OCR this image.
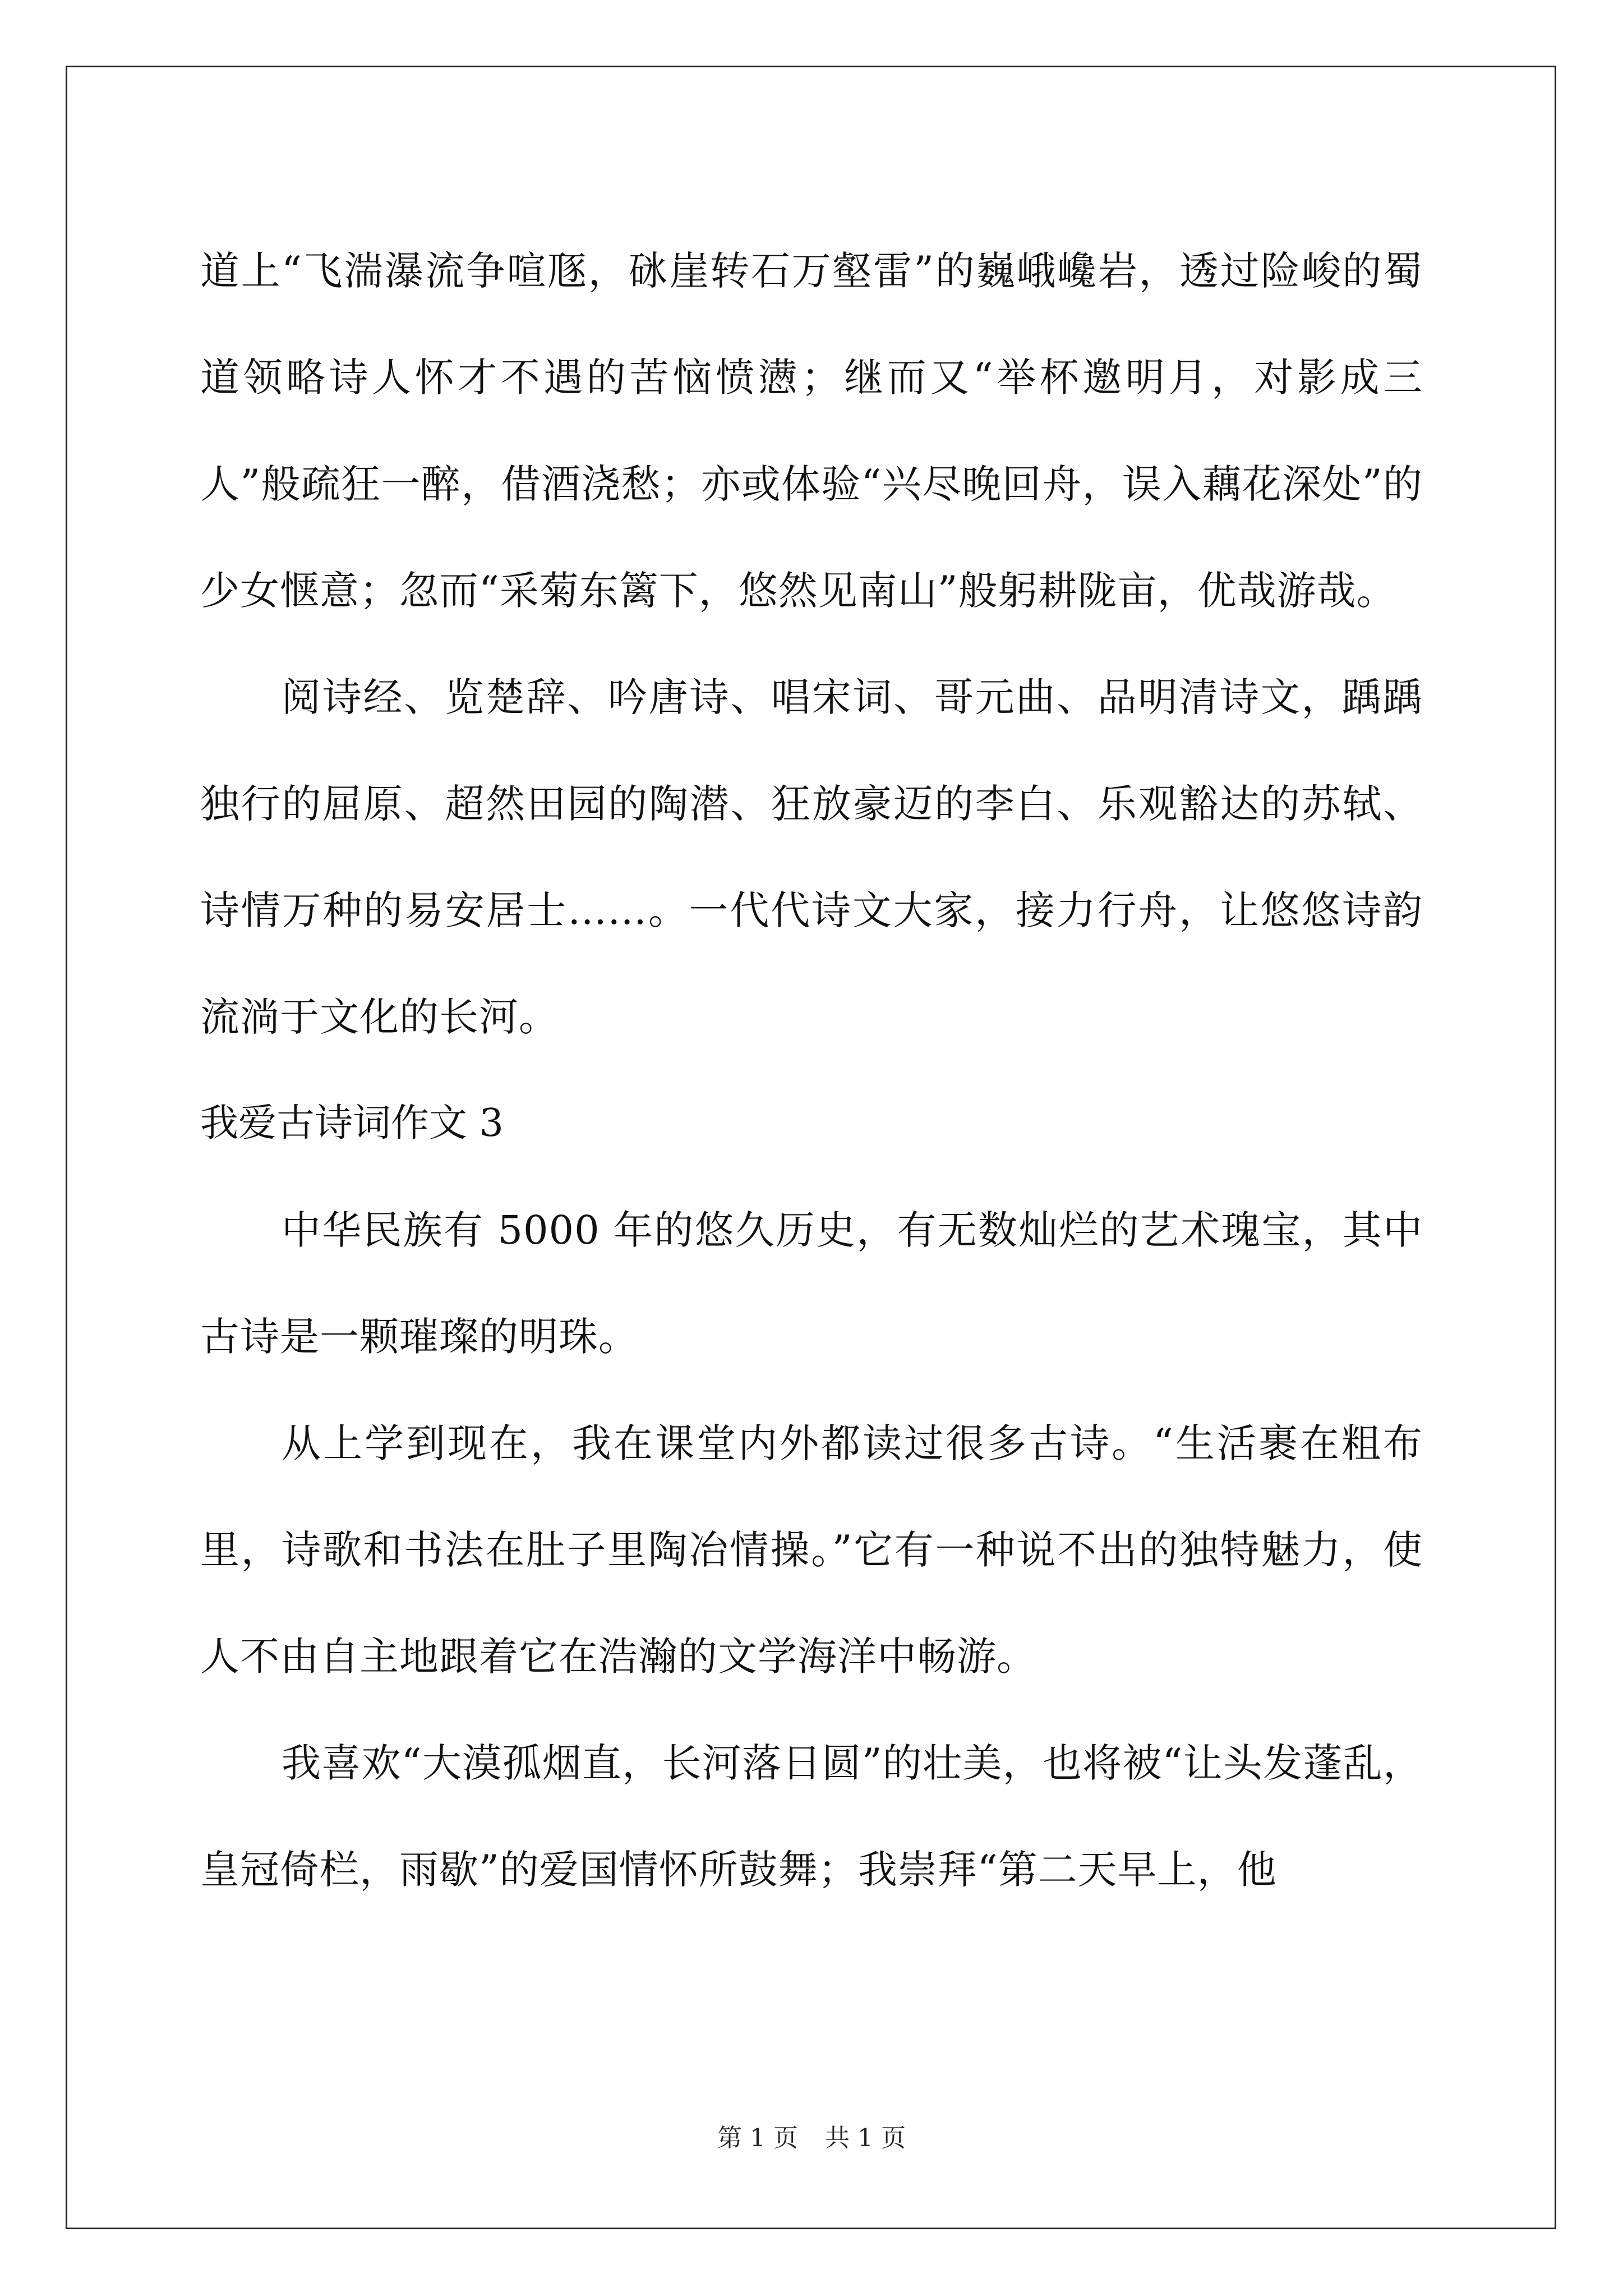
道上“飞湍瀑流争喧豗，砯崖转石万壑雷”的巍峨巉岩，透过险峻的蜀道领略诗人怀才不遇的苦恼愤懑；继而又“举杯邀明月，对影成三人”般疏狂一醉，借酒浇愁；亦或体验“兴尽晚回舟，误入藕花深处”的少女惬意；忽而“采菊东篱下，悠然见南山”般躬耕陇亩，优哉游哉。

阅诗经、览楚辞、吟唐诗、唱宋词、哥元曲、品明清诗文，踽踽独行的屈原、超然田园的陶潜、狂放豪迈的李白、乐观豁达的苏轼、诗情万种的易安居士……。一代代诗文大家，接力行舟，让悠悠诗韵流淌于文化的长河。

我爱古诗词作文 3

中华民族有 5000 年的悠久历史，有无数灿烂的艺术瑰宝，其中古诗是一颗璀璨的明珠。

从上学到现在，我在课堂内外都读过很多古诗。“生活裹在粗布里，诗歌和书法在肚子里陶冶情操。”它有一种说不出的独特魅力，使人不由自主地跟着它在浩瀚的文学海洋中畅游。

我喜欢“大漠孤烟直，长河落日圆”的壮美，也将被“让头发蓬乱，皇冠倚栏，雨歇”的爱国情怀所鼓舞；我崇拜“第二天早上，他

第 1 页 共 1 页
